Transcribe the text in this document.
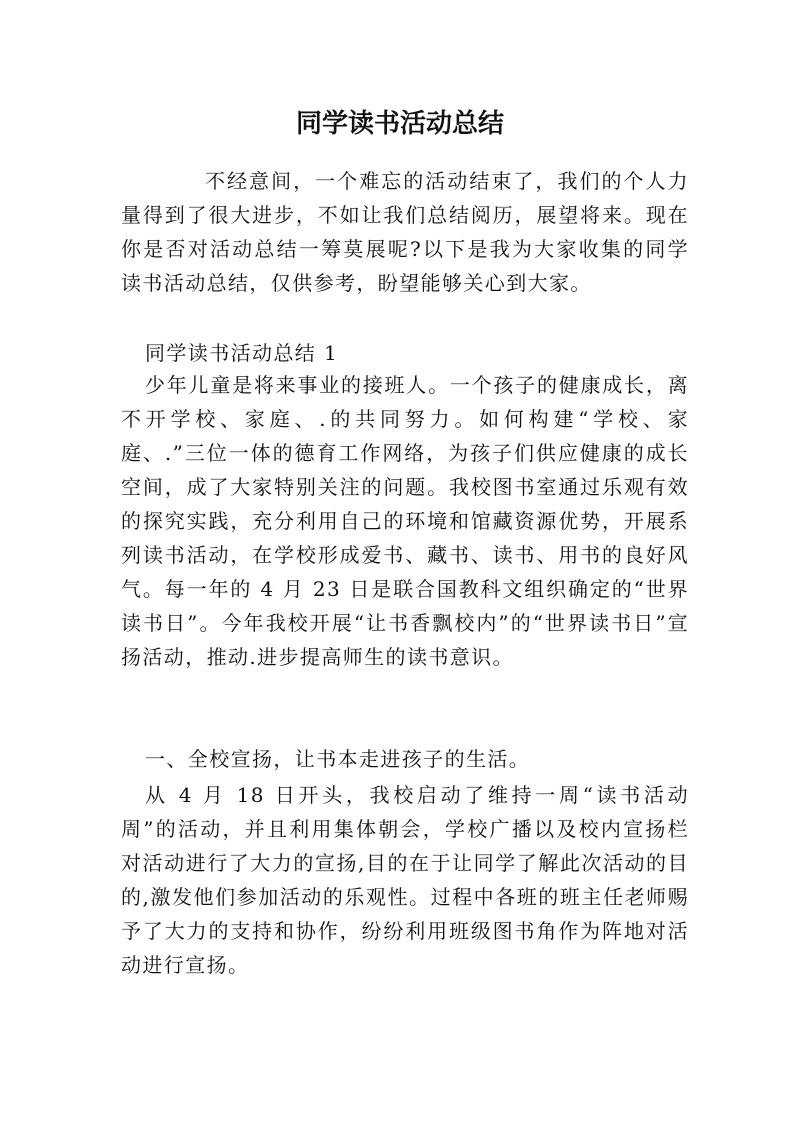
同学读书活动总结

不经意间，一个难忘的活动结束了，我们的个人力量得到了很大进步，不如让我们总结阅历，展望将来。现在你是否对活动总结一筹莫展呢?以下是我为大家收集的同学读书活动总结，仅供参考，盼望能够关心到大家。

同学读书活动总结 1

少年儿童是将来事业的接班人。一个孩子的健康成长，离不开学校、家庭、.的共同努力。如何构建“学校、家庭、.”三位一体的德育工作网络，为孩子们供应健康的成长空间，成了大家特别关注的问题。我校图书室通过乐观有效的探究实践，充分利用自己的环境和馆藏资源优势，开展系列读书活动，在学校形成爱书、藏书、读书、用书的良好风气。每一年的 4 月 23 日是联合国教科文组织确定的“世界读书日”。今年我校开展“让书香飘校内”的“世界读书日”宣扬活动，推动.进步提高师生的读书意识。

一、全校宣扬，让书本走进孩子的生活。

从 4 月 18 日开头，我校启动了维持一周“读书活动周”的活动，并且利用集体朝会，学校广播以及校内宣扬栏对活动进行了大力的宣扬,目的在于让同学了解此次活动的目的,激发他们参加活动的乐观性。过程中各班的班主任老师赐予了大力的支持和协作，纷纷利用班级图书角作为阵地对活动进行宣扬。
